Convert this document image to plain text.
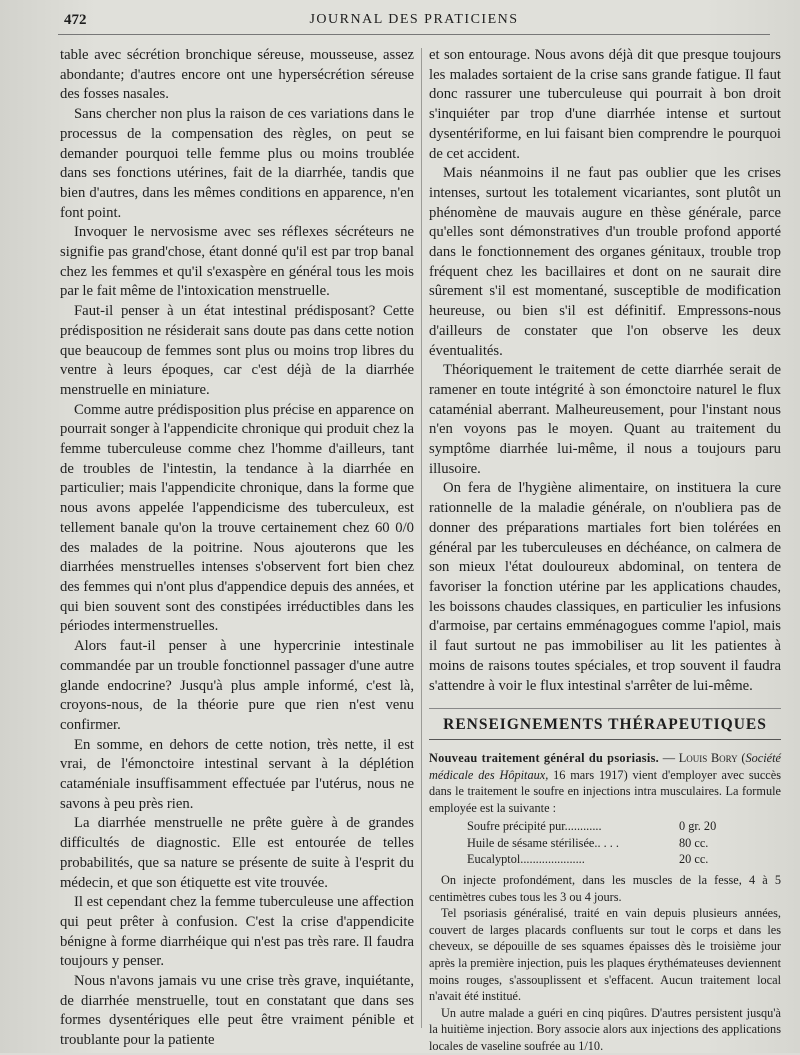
472	JOURNAL DES PRATICIENS

table avec sécrétion bronchique séreuse, mousseuse, assez abondante; d'autres encore ont une hypersécrétion séreuse des fosses nasales.

Sans chercher non plus la raison de ces variations dans le processus de la compensation des règles, on peut se demander pourquoi telle femme plus ou moins troublée dans ses fonctions utérines, fait de la diarrhée, tandis que bien d'autres, dans les mêmes conditions en apparence, n'en font point.

Invoquer le nervosisme avec ses réflexes sécréteurs ne signifie pas grand'chose, étant donné qu'il est par trop banal chez les femmes et qu'il s'exaspère en général tous les mois par le fait même de l'intoxication menstruelle.

Faut-il penser à un état intestinal prédisposant? Cette prédisposition ne résiderait sans doute pas dans cette notion que beaucoup de femmes sont plus ou moins trop libres du ventre à leurs époques, car c'est déjà de la diarrhée menstruelle en miniature.

Comme autre prédisposition plus précise en apparence on pourrait songer à l'appendicite chronique qui produit chez la femme tuberculeuse comme chez l'homme d'ailleurs, tant de troubles de l'intestin, la tendance à la diarrhée en particulier; mais l'appendicite chronique, dans la forme que nous avons appelée l'appendicisme des tuberculeux, est tellement banale qu'on la trouve certainement chez 60 0/0 des malades de la poitrine. Nous ajouterons que les diarrhées menstruelles intenses s'observent fort bien chez des femmes qui n'ont plus d'appendice depuis des années, et qui bien souvent sont des constipées irréductibles dans les périodes intermenstruelles.

Alors faut-il penser à une hypercrinie intestinale commandée par un trouble fonctionnel passager d'une autre glande endocrine? Jusqu'à plus ample informé, c'est là, croyons-nous, de la théorie pure que rien n'est venu confirmer.

En somme, en dehors de cette notion, très nette, il est vrai, de l'émonctoire intestinal servant à la déplétion cataméniale insuffisamment effectuée par l'utérus, nous ne savons à peu près rien.

La diarrhée menstruelle ne prête guère à de grandes difficultés de diagnostic. Elle est entourée de telles probabilités, que sa nature se présente de suite à l'esprit du médecin, et que son étiquette est vite trouvée.

Il est cependant chez la femme tuberculeuse une affection qui peut prêter à confusion. C'est la crise d'appendicite bénigne à forme diarrhéique qui n'est pas très rare. Il faudra toujours y penser.

Nous n'avons jamais vu une crise très grave, inquiétante, de diarrhée menstruelle, tout en constatant que dans ses formes dysentériques elle peut être vraiment pénible et troublante pour la patiente

et son entourage. Nous avons déjà dit que presque toujours les malades sortaient de la crise sans grande fatigue. Il faut donc rassurer une tuberculeuse qui pourrait à bon droit s'inquiéter par trop d'une diarrhée intense et surtout dysentériforme, en lui faisant bien comprendre le pourquoi de cet accident.

Mais néanmoins il ne faut pas oublier que les crises intenses, surtout les totalement vicariantes, sont plutôt un phénomène de mauvais augure en thèse générale, parce qu'elles sont démonstratives d'un trouble profond apporté dans le fonctionnement des organes génitaux, trouble trop fréquent chez les bacillaires et dont on ne saurait dire sûrement s'il est momentané, susceptible de modification heureuse, ou bien s'il est définitif. Empressons-nous d'ailleurs de constater que l'on observe les deux éventualités.

Théoriquement le traitement de cette diarrhée serait de ramener en toute intégrité à son émonctoire naturel le flux cataménial aberrant. Malheureusement, pour l'instant nous n'en voyons pas le moyen. Quant au traitement du symptôme diarrhée lui-même, il nous a toujours paru illusoire.

On fera de l'hygiène alimentaire, on instituera la cure rationnelle de la maladie générale, on n'oubliera pas de donner des préparations martiales fort bien tolérées en général par les tuberculeuses en déchéance, on calmera de son mieux l'état douloureux abdominal, on tentera de favoriser la fonction utérine par les applications chaudes, les boissons chaudes classiques, en particulier les infusions d'armoise, par certains emménagogues comme l'apiol, mais il faut surtout ne pas immobiliser au lit les patientes à moins de raisons toutes spéciales, et trop souvent il faudra s'attendre à voir le flux intestinal s'arrêter de lui-même.

RENSEIGNEMENTS THÉRAPEUTIQUES

Nouveau traitement général du psoriasis. — Louis Bory (Société médicale des Hôpitaux, 16 mars 1917) vient d'employer avec succès dans le traitement le soufre en injections intra musculaires. La formule employée est la suivante :

Soufre précipité pur............	0 gr. 20
Huile de sésame stérilisée.. . . .	80 cc.
Eucalyptol.....................	20 cc.

On injecte profondément, dans les muscles de la fesse, 4 à 5 centimètres cubes tous les 3 ou 4 jours.

Tel psoriasis généralisé, traité en vain depuis plusieurs années, couvert de larges placards confluents sur tout le corps et dans les cheveux, se dépouille de ses squames épaisses dès le troisième jour après la première injection, puis les plaques érythémateuses deviennent moins rouges, s'assouplissent et s'effacent. Aucun traitement local n'avait été institué.

Un autre malade a guéri en cinq piqûres. D'autres persistent jusqu'à la huitième injection. Bory associe alors aux injections des applications locales de vaseline soufrée au 1/10.
